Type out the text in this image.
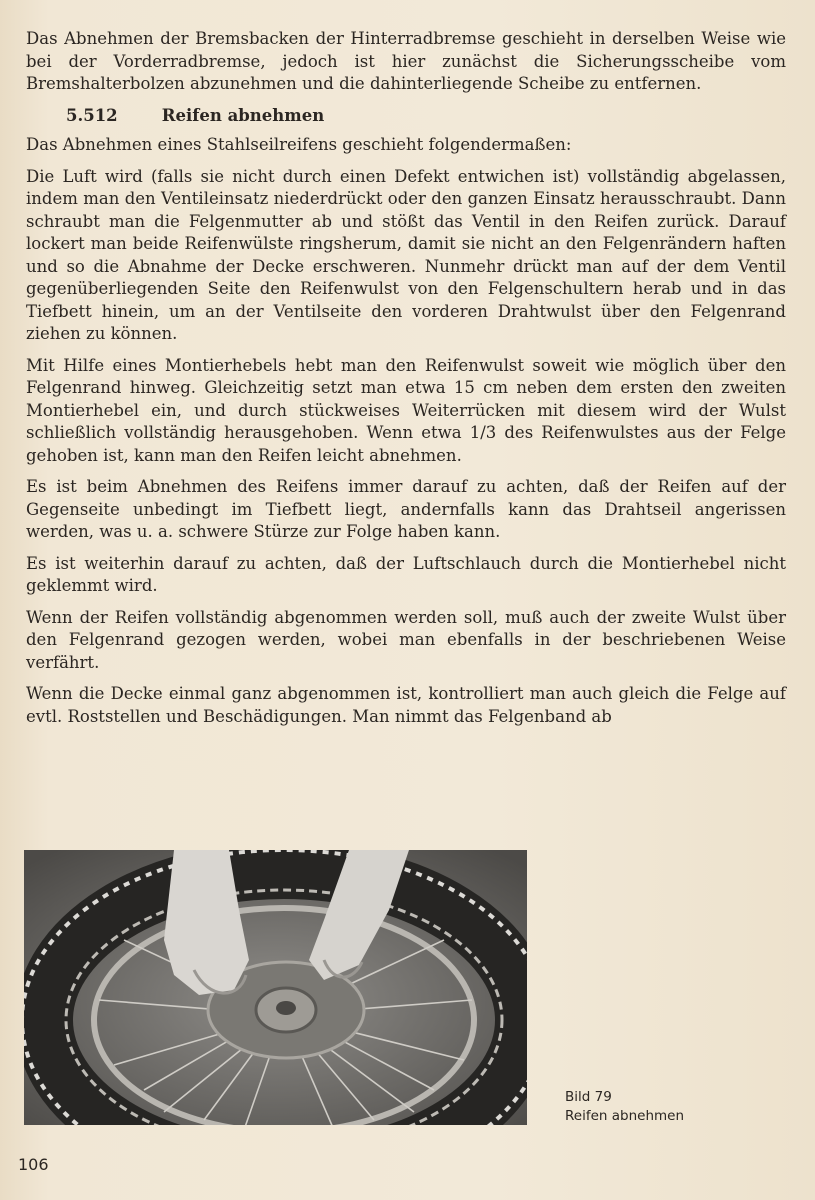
Das Abnehmen der Bremsbacken der Hinterradbremse geschieht in derselben Weise wie bei der Vorderradbremse, jedoch ist hier zunächst die Sicherungsscheibe vom Bremshalterbolzen abzunehmen und die dahinterliegende Scheibe zu entfernen.

5.512	Reifen abnehmen

Das Abnehmen eines Stahlseilreifens geschieht folgendermaßen:

Die Luft wird (falls sie nicht durch einen Defekt entwichen ist) vollständig abgelassen, indem man den Ventileinsatz niederdrückt oder den ganzen Einsatz herausschraubt. Dann schraubt man die Felgenmutter ab und stößt das Ventil in den Reifen zurück. Darauf lockert man beide Reifenwülste ringsherum, damit sie nicht an den Felgenrändern haften und so die Abnahme der Decke erschweren. Nunmehr drückt man auf der dem Ventil gegenüberliegenden Seite den Reifenwulst von den Felgenschultern herab und in das Tiefbett hinein, um an der Ventilseite den vorderen Drahtwulst über den Felgenrand ziehen zu können.

Mit Hilfe eines Montierhebels hebt man den Reifenwulst soweit wie möglich über den Felgenrand hinweg. Gleichzeitig setzt man etwa 15 cm neben dem ersten den zweiten Montierhebel ein, und durch stückweises Weiterrücken mit diesem wird der Wulst schließlich vollständig herausgehoben. Wenn etwa 1/3 des Reifenwulstes aus der Felge gehoben ist, kann man den Reifen leicht abnehmen.

Es ist beim Abnehmen des Reifens immer darauf zu achten, daß der Reifen auf der Gegenseite unbedingt im Tiefbett liegt, andernfalls kann das Drahtseil angerissen werden, was u. a. schwere Stürze zur Folge haben kann.

Es ist weiterhin darauf zu achten, daß der Luftschlauch durch die Montierhebel nicht geklemmt wird.

Wenn der Reifen vollständig abgenommen werden soll, muß auch der zweite Wulst über den Felgenrand gezogen werden, wobei man ebenfalls in der beschriebenen Weise verfährt.

Wenn die Decke einmal ganz abgenommen ist, kontrolliert man auch gleich die Felge auf evtl. Roststellen und Beschädigungen. Man nimmt das Felgenband ab

Bild 79
Reifen abnehmen
106
